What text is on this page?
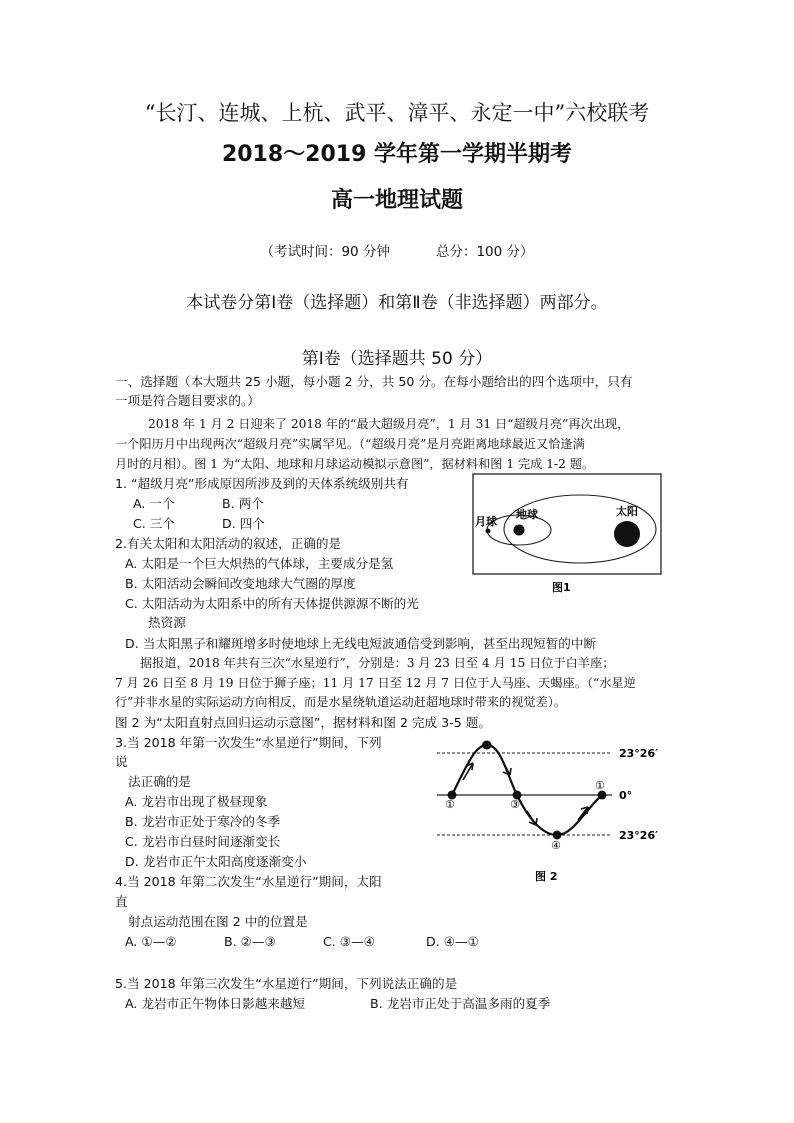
“长汀、连城、上杭、武平、漳平、永定一中”六校联考
2018～2019 学年第一学期半期考
高一地理试题
（考试时间：90 分钟	总分：100 分）
本试卷分第Ⅰ卷（选择题）和第Ⅱ卷（非选择题）两部分。
第Ⅰ卷（选择题共 50 分）
一、选择题（本大题共 25 小题，每小题 2 分，共 50 分。在每小题给出的四个选项中，只有
一项是符合题目要求的。）
2018 年 1 月 2 日迎来了 2018 年的“最大超级月亮”，1 月 31 日“超级月亮”再次出现，
一个阳历月中出现两次“超级月亮”实属罕见。（“超级月亮”是月亮距离地球最近又恰逢满
月时的月相）。图 1 为“太阳、地球和月球运动模拟示意图”，据材料和图 1 完成 1-2 题。
1. “超级月亮”形成原因所涉及到的天体系统级别共有
A. 一个	B. 两个
C. 三个	D. 四个	月球
地球	太阳
图1
2.有关太阳和太阳活动的叙述，正确的是
A. 太阳是一个巨大炽热的气体球，主要成分是氢
B. 太阳活动会瞬间改变地球大气圈的厚度
C. 太阳活动为太阳系中的所有天体提供源源不断的光
热资源
D. 当太阳黑子和耀斑增多时使地球上无线电短波通信受到影响，甚至出现短暂的中断
据报道，2018 年共有三次“水星逆行”，分别是：3 月 23 日至 4 月 15 日位于白羊座；
7 月 26 日至 8 月 19 日位于狮子座；11 月 17 日至 12 月 7 日位于人马座、天蝎座。（“水星逆
行”并非水星的实际运动方向相反，而是水星绕轨道运动赶超地球时带来的视觉差）。
图 2 为“太阳直射点回归运动示意图”，据材料和图 2 完成 3-5 题。
3.当 2018 年第一次发生“水星逆行”期间，下列
说
法正确的是
A. 龙岩市出现了极昼现象
B. 龙岩市正处于寒冷的冬季
C. 龙岩市白昼时间逐渐变长
D. 龙岩市正午太阳高度逐渐变小
①
②
③
④
①
23°26′
0°
23°26′
图 2
4.当 2018 年第二次发生“水星逆行”期间，太阳
直
射点运动范围在图 2 中的位置是
A. ①—②	B. ②—③	C. ③—④	D. ④—①
5.当 2018 年第三次发生“水星逆行”期间，下列说法正确的是
A. 龙岩市正午物体日影越来越短	B. 龙岩市正处于高温多雨的夏季
